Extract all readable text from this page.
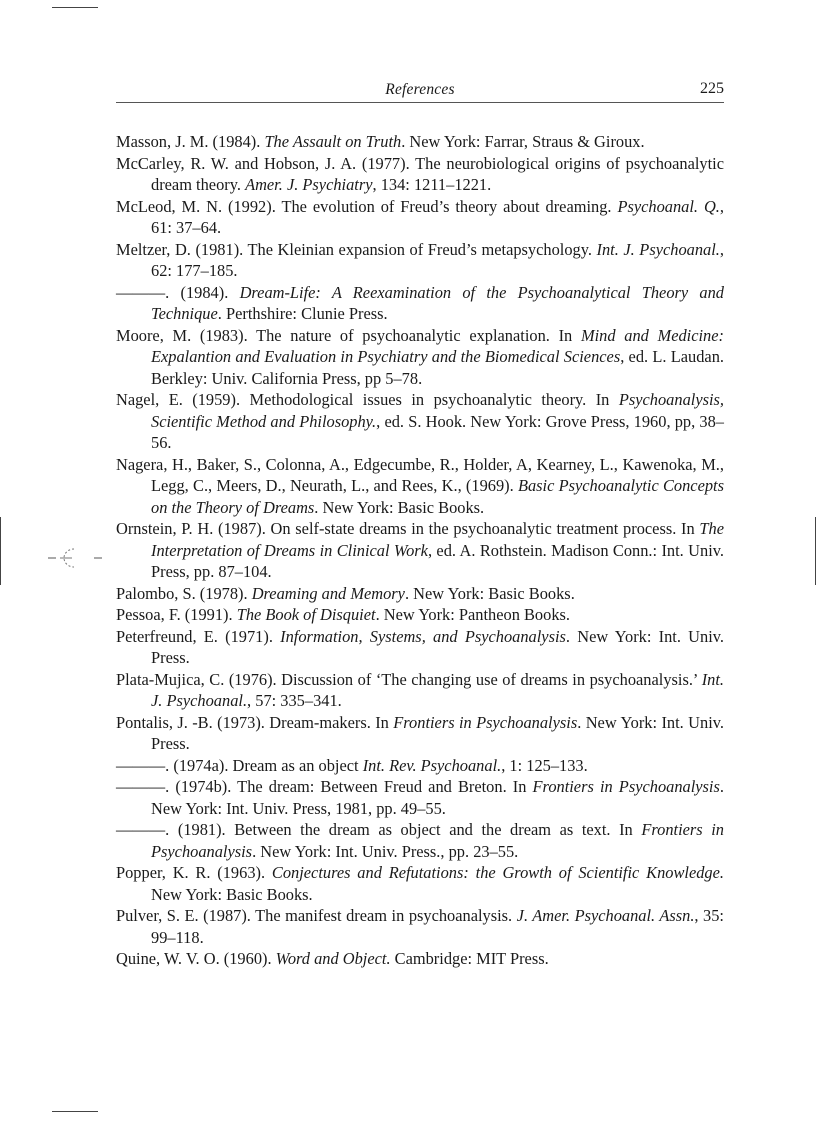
References	225
Masson, J. M. (1984). The Assault on Truth. New York: Farrar, Straus & Giroux.
McCarley, R. W. and Hobson, J. A. (1977). The neurobiological origins of psychoanalytic dream theory. Amer. J. Psychiatry, 134: 1211–1221.
McLeod, M. N. (1992). The evolution of Freud’s theory about dreaming. Psychoanal. Q., 61: 37–64.
Meltzer, D. (1981). The Kleinian expansion of Freud’s metapsychology. Int. J. Psychoanal., 62: 177–185.
———. (1984). Dream-Life: A Reexamination of the Psychoanalytical Theory and Technique. Perthshire: Clunie Press.
Moore, M. (1983). The nature of psychoanalytic explanation. In Mind and Medicine: Expalantion and Evaluation in Psychiatry and the Biomedical Sciences, ed. L. Laudan. Berkley: Univ. California Press, pp 5–78.
Nagel, E. (1959). Methodological issues in psychoanalytic theory. In Psychoanalysis, Scientific Method and Philosophy., ed. S. Hook. New York: Grove Press, 1960, pp, 38–56.
Nagera, H., Baker, S., Colonna, A., Edgecumbe, R., Holder, A, Kearney, L., Kawenoka, M., Legg, C., Meers, D., Neurath, L., and Rees, K., (1969). Basic Psychoanalytic Concepts on the Theory of Dreams. New York: Basic Books.
Ornstein, P. H. (1987). On self-state dreams in the psychoanalytic treatment process. In The Interpretation of Dreams in Clinical Work, ed. A. Rothstein. Madison Conn.: Int. Univ. Press, pp. 87–104.
Palombo, S. (1978). Dreaming and Memory. New York: Basic Books.
Pessoa, F. (1991). The Book of Disquiet. New York: Pantheon Books.
Peterfreund, E. (1971). Information, Systems, and Psychoanalysis. New York: Int. Univ. Press.
Plata-Mujica, C. (1976). Discussion of ‘The changing use of dreams in psychoanalysis.’ Int. J. Psychoanal., 57: 335–341.
Pontalis, J. -B. (1973). Dream-makers. In Frontiers in Psychoanalysis. New York: Int. Univ. Press.
———. (1974a). Dream as an object Int. Rev. Psychoanal., 1: 125–133.
———. (1974b). The dream: Between Freud and Breton. In Frontiers in Psychoanalysis. New York: Int. Univ. Press, 1981, pp. 49–55.
———. (1981). Between the dream as object and the dream as text. In Frontiers in Psychoanalysis. New York: Int. Univ. Press., pp. 23–55.
Popper, K. R. (1963). Conjectures and Refutations: the Growth of Scientific Knowledge. New York: Basic Books.
Pulver, S. E. (1987). The manifest dream in psychoanalysis. J. Amer. Psychoanal. Assn., 35: 99–118.
Quine, W. V. O. (1960). Word and Object. Cambridge: MIT Press.
